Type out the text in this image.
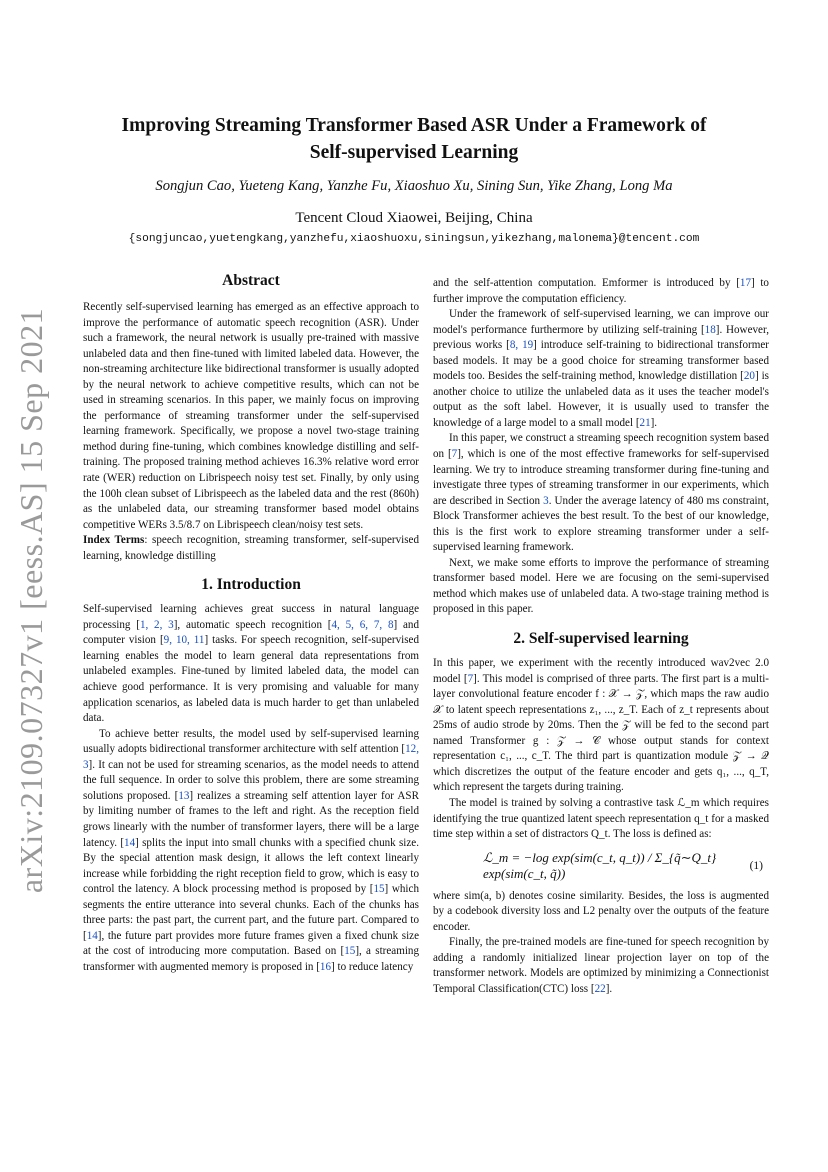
arXiv:2109.07327v1 [eess.AS] 15 Sep 2021
Improving Streaming Transformer Based ASR Under a Framework of
Self-supervised Learning
Songjun Cao, Yueteng Kang, Yanzhe Fu, Xiaoshuo Xu, Sining Sun, Yike Zhang, Long Ma
Tencent Cloud Xiaowei, Beijing, China
{songjuncao,yuetengkang,yanzhefu,xiaoshuoxu,siningsun,yikezhang,malonema}@tencent.com
Abstract

Recently self-supervised learning has emerged as an effective approach to improve the performance of automatic speech recognition (ASR). Under such a framework, the neural network is usually pre-trained with massive unlabeled data and then fine-tuned with limited labeled data. However, the non-streaming architecture like bidirectional transformer is usually adopted by the neural network to achieve competitive results, which can not be used in streaming scenarios. In this paper, we mainly focus on improving the performance of streaming transformer under the self-supervised learning framework. Specifically, we propose a novel two-stage training method during fine-tuning, which combines knowledge distilling and self-training. The proposed training method achieves 16.3% relative word error rate (WER) reduction on Librispeech noisy test set. Finally, by only using the 100h clean subset of Librispeech as the labeled data and the rest (860h) as the unlabeled data, our streaming transformer based model obtains competitive WERs 3.5/8.7 on Librispeech clean/noisy test sets.

Index Terms: speech recognition, streaming transformer, self-supervised learning, knowledge distilling

1. Introduction

Self-supervised learning achieves great success in natural language processing [1, 2, 3], automatic speech recognition [4, 5, 6, 7, 8] and computer vision [9, 10, 11] tasks. For speech recognition, self-supervised learning enables the model to learn general data representations from unlabeled examples. Fine-tuned by limited labeled data, the model can achieve good performance. It is very promising and valuable for many application scenarios, as labeled data is much harder to get than unlabeled data.

To achieve better results, the model used by self-supervised learning usually adopts bidirectional transformer architecture with self attention [12, 3]. It can not be used for streaming scenarios, as the model needs to attend the full sequence. In order to solve this problem, there are some streaming solutions proposed. [13] realizes a streaming self attention layer for ASR by limiting number of frames to the left and right. As the reception field grows linearly with the number of transformer layers, there will be a large latency. [14] splits the input into small chunks with a specified chunk size. By the special attention mask design, it allows the left context linearly increase while forbidding the right reception field to grow, which is easy to control the latency. A block processing method is proposed by [15] which segments the entire utterance into several chunks. Each of the chunks has three parts: the past part, the current part, and the future part. Compared to [14], the future part provides more future frames given a fixed chunk size at the cost of introducing more computation. Based on [15], a streaming transformer with augmented memory is proposed in [16] to reduce latency

and the self-attention computation. Emformer is introduced by [17] to further improve the computation efficiency.

Under the framework of self-supervised learning, we can improve our model's performance furthermore by utilizing self-training [18]. However, previous works [8, 19] introduce self-training to bidirectional transformer based models. It may be a good choice for streaming transformer based models too. Besides the self-training method, knowledge distillation [20] is another choice to utilize the unlabeled data as it uses the teacher model's output as the soft label. However, it is usually used to transfer the knowledge of a large model to a small model [21].

In this paper, we construct a streaming speech recognition system based on [7], which is one of the most effective frameworks for self-supervised learning. We try to introduce streaming transformer during fine-tuning and investigate three types of streaming transformer in our experiments, which are described in Section 3. Under the average latency of 480 ms constraint, Block Transformer achieves the best result. To the best of our knowledge, this is the first work to explore streaming transformer under a self-supervised learning framework.

Next, we make some efforts to improve the performance of streaming transformer based model. Here we are focusing on the semi-supervised method which makes use of unlabeled data. A two-stage training method is proposed in this paper.

2. Self-supervised learning

In this paper, we experiment with the recently introduced wav2vec 2.0 model [7]. This model is comprised of three parts. The first part is a multi-layer convolutional feature encoder f : 𝒳 → 𝒵, which maps the raw audio 𝒳 to latent speech representations z₁, ..., z_T. Each of z_t represents about 25ms of audio strode by 20ms. Then the 𝒵 will be fed to the second part named Transformer g : 𝒵 → 𝒞 whose output stands for context representation c₁, ..., c_T. The third part is quantization module 𝒵 → 𝒬 which discretizes the output of the feature encoder and gets q₁, ..., q_T, which represent the targets during training.

The model is trained by solving a contrastive task ℒ_m which requires identifying the true quantized latent speech representation q_t for a masked time step within a set of distractors Q_t. The loss is defined as:

ℒ_m = −log exp(sim(c_t, q_t)) / Σ_{q̃∼Q_t} exp(sim(c_t, q̃))	(1)

where sim(a, b) denotes cosine similarity. Besides, the loss is augmented by a codebook diversity loss and L2 penalty over the outputs of the feature encoder.

Finally, the pre-trained models are fine-tuned for speech recognition by adding a randomly initialized linear projection layer on top of the transformer network. Models are optimized by minimizing a Connectionist Temporal Classification(CTC) loss [22].
